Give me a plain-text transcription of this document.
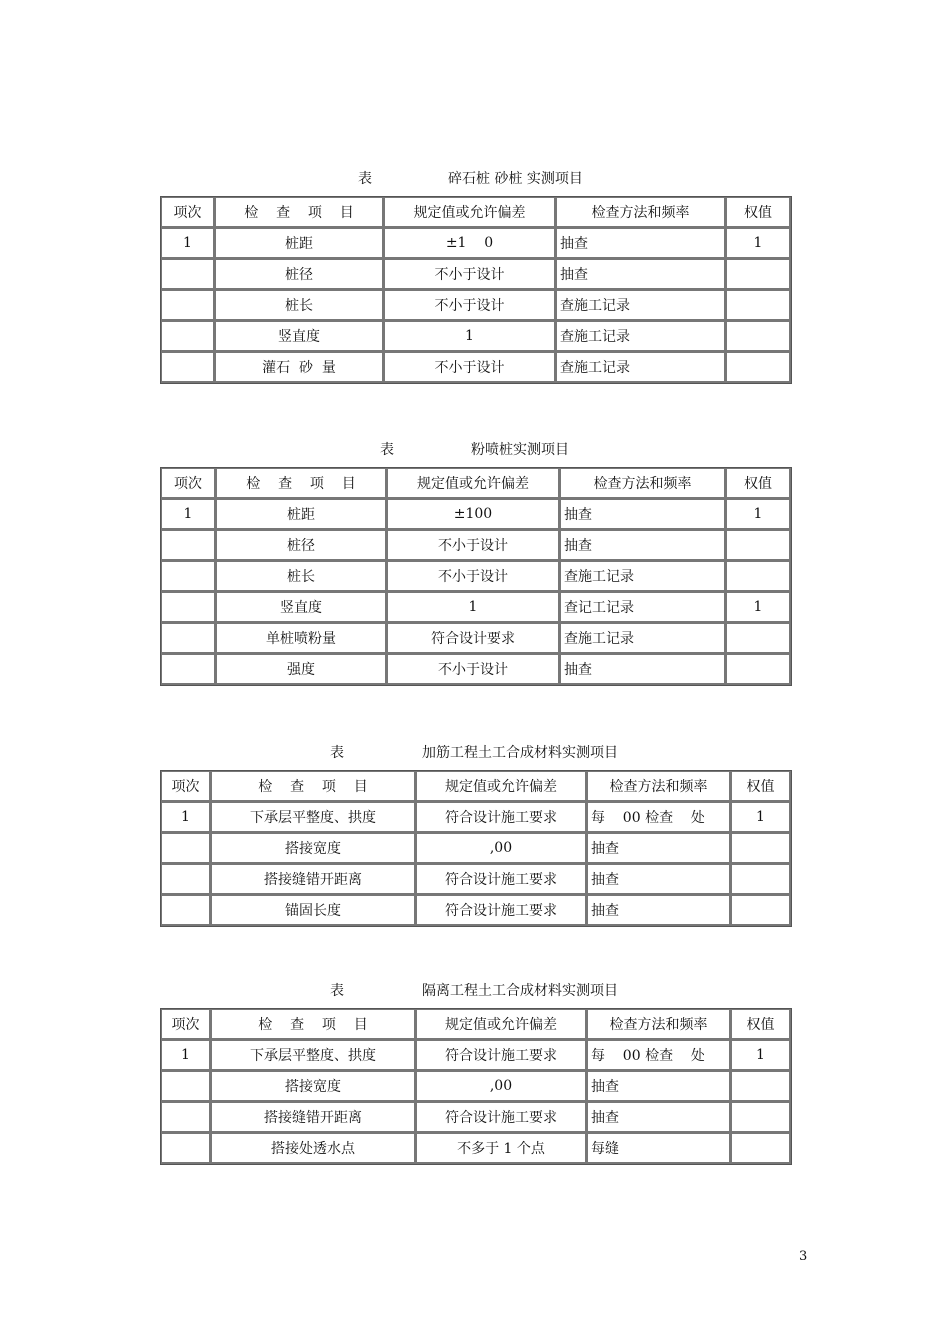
表	碎石桩 砂桩 实测项目
项次	检    查    项    目	规定值或允许偏差	检查方法和频率	权值
1	桩距	±1    0	抽查	1
	桩径	不小于设计	抽查	
	桩长	不小于设计	查施工记录	
	竖直度	1	查施工记录	
	灌石  砂  量	不小于设计	查施工记录	
表	粉喷桩实测项目
项次	检    查    项    目	规定值或允许偏差	检查方法和频率	权值
1	桩距	±100	抽查	1
	桩径	不小于设计	抽查	
	桩长	不小于设计	查施工记录	
	竖直度	1	查记工记录	1
	单桩喷粉量	符合设计要求	查施工记录	
	强度	不小于设计	抽查	
表	加筋工程土工合成材料实测项目
项次	检    查    项    目	规定值或允许偏差	检查方法和频率	权值
1	下承层平整度、拱度	符合设计施工要求	每    00 检查    处	1
	搭接宽度	,00	抽查	
	搭接缝错开距离	符合设计施工要求	抽查	
	锚固长度	符合设计施工要求	抽查	
表	隔离工程土工合成材料实测项目
项次	检    查    项    目	规定值或允许偏差	检查方法和频率	权值
1	下承层平整度、拱度	符合设计施工要求	每    00 检查    处	1
	搭接宽度	,00	抽查	
	搭接缝错开距离	符合设计施工要求	抽查	
	搭接处透水点	不多于 1 个点	每缝	
3
